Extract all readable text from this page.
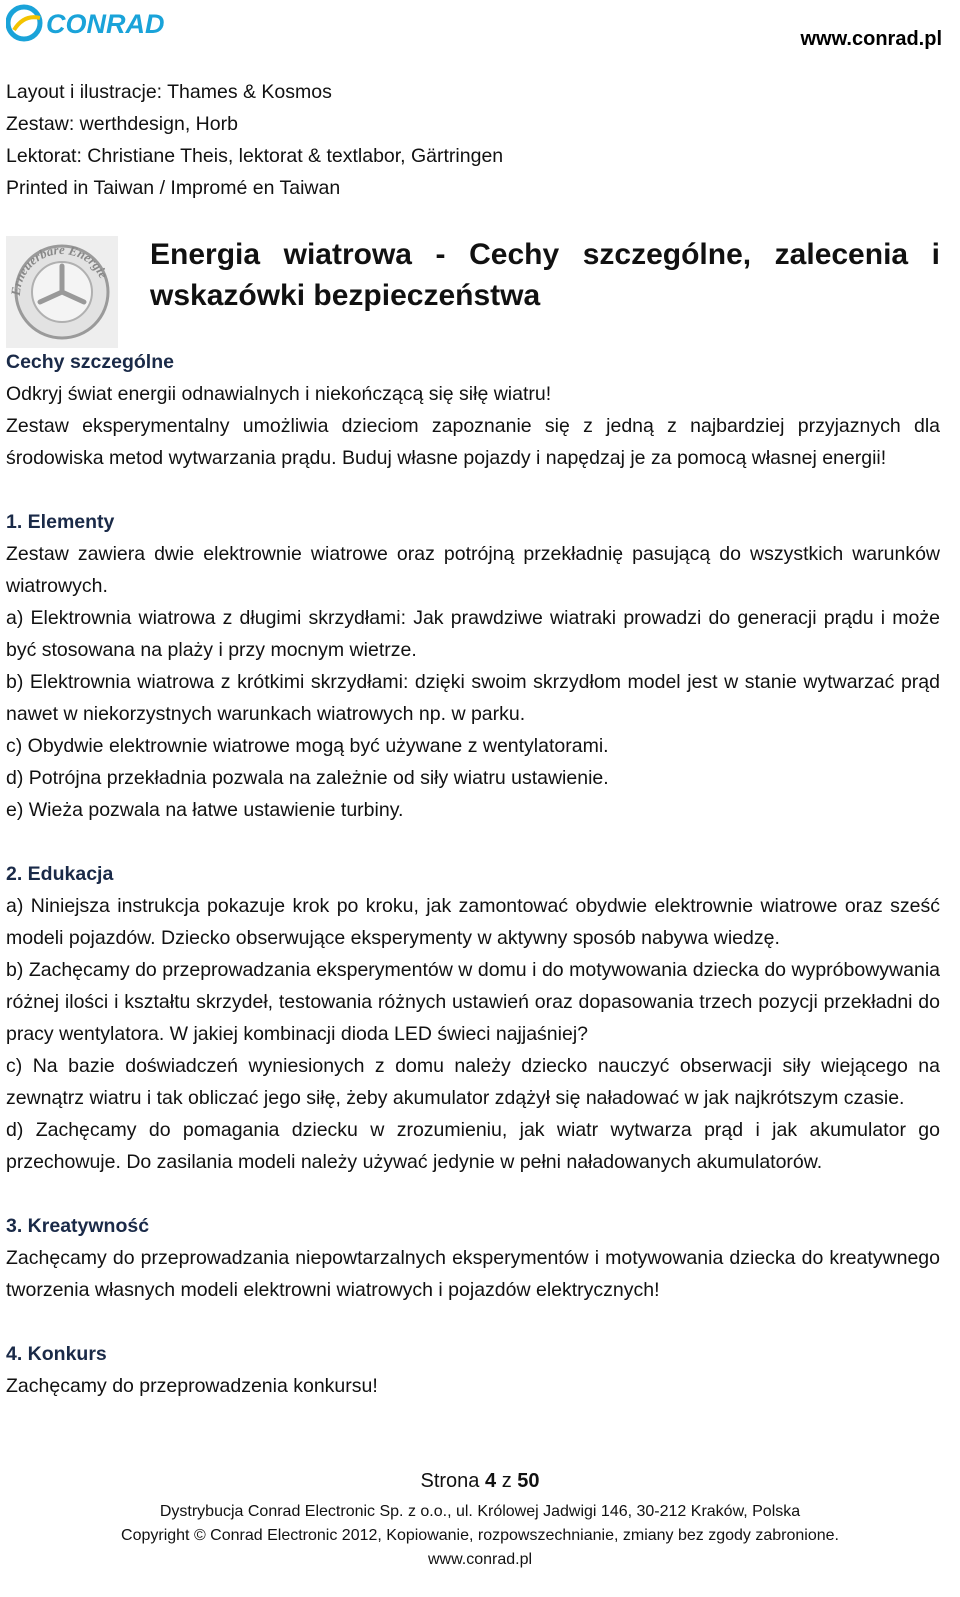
CONRAD	www.conrad.pl
Layout i ilustracje: Thames & Kosmos
Zestaw: werthdesign, Horb
Lektorat: Christiane Theis, lektorat & textlabor, Gärtringen
Printed in Taiwan / Impromé en Taiwan
Erneuerbare Energie
Energia wiatrowa - Cechy szczególne, zalecenia i wskazówki bezpieczeństwa

Cechy szczególne

Odkryj świat energii odnawialnych i niekończącą się siłę wiatru!

Zestaw eksperymentalny umożliwia dzieciom zapoznanie się z jedną z najbardziej przyjaznych dla środowiska metod wytwarzania prądu. Buduj własne pojazdy i napędzaj je za pomocą własnej energii!

1. Elementy

Zestaw zawiera dwie elektrownie wiatrowe oraz potrójną przekładnię pasującą do wszystkich warunków wiatrowych.

a) Elektrownia wiatrowa z długimi skrzydłami: Jak prawdziwe wiatraki prowadzi do generacji prądu i może być stosowana na plaży i przy mocnym wietrze.

b) Elektrownia wiatrowa z krótkimi skrzydłami: dzięki swoim skrzydłom model jest w stanie wytwarzać prąd nawet w niekorzystnych warunkach wiatrowych np. w parku.

c) Obydwie elektrownie wiatrowe mogą być używane z wentylatorami.

d) Potrójna przekładnia pozwala na zależnie od siły wiatru ustawienie.

e) Wieża pozwala na łatwe ustawienie turbiny.

2. Edukacja

a) Niniejsza instrukcja pokazuje krok po kroku, jak zamontować obydwie elektrownie wiatrowe oraz sześć modeli pojazdów. Dziecko obserwujące eksperymenty w aktywny sposób nabywa wiedzę.

b) Zachęcamy do przeprowadzania eksperymentów w domu i do motywowania dziecka do wypróbowywania różnej ilości i kształtu skrzydeł, testowania różnych ustawień oraz dopasowania trzech pozycji przekładni do pracy wentylatora. W jakiej kombinacji dioda LED świeci najjaśniej?

c) Na bazie doświadczeń wyniesionych z domu należy dziecko nauczyć obserwacji siły wiejącego na zewnątrz wiatru i tak obliczać jego siłę, żeby akumulator zdążył się naładować w jak najkrótszym czasie.

d) Zachęcamy do pomagania dziecku w zrozumieniu, jak wiatr wytwarza prąd i jak akumulator go przechowuje. Do zasilania modeli należy używać jedynie w pełni naładowanych akumulatorów.

3. Kreatywność

Zachęcamy do przeprowadzania niepowtarzalnych eksperymentów i motywowania dziecka do kreatywnego tworzenia własnych modeli elektrowni wiatrowych i pojazdów elektrycznych!

4. Konkurs

Zachęcamy do przeprowadzenia konkursu!

Strona 4 z 50
Dystrybucja Conrad Electronic Sp. z o.o., ul. Królowej Jadwigi 146, 30-212 Kraków, Polska
Copyright © Conrad Electronic 2012, Kopiowanie, rozpowszechnianie, zmiany bez zgody zabronione.
www.conrad.pl
